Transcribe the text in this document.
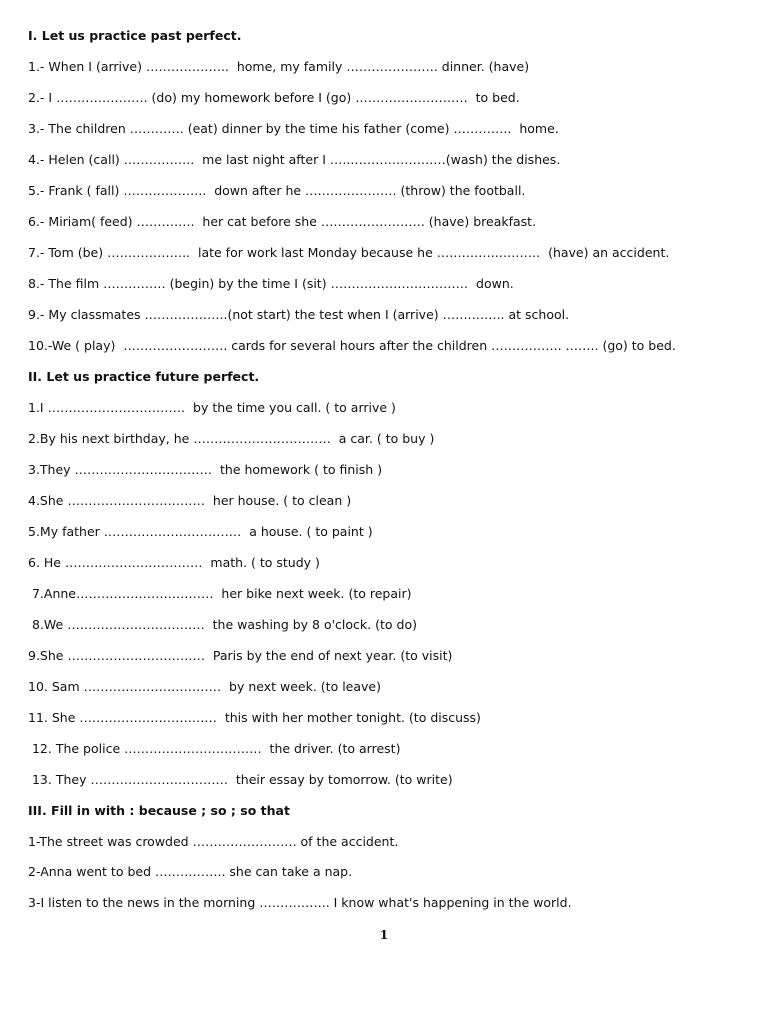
I. Let us practice past perfect.

1.- When I (arrive) ………………..  home, my family …………………. dinner. (have)

2.- I …………………. (do) my homework before I (go) ………………………  to bed.

3.- The children …………. (eat) dinner by the time his father (come) …………..  home.

4.- Helen (call) ……………..  me last night after I …..………….…….…(wash) the dishes.

5.- Frank ( fall) ………………..  down after he …………………. (throw) the football.

6.- Miriam( feed) …………..  her cat before she ……………………. (have) breakfast.

7.- Tom (be) ………………..  late for work last Monday because he ….……….….…….  (have) an accident.

8.- The film …………… (begin) by the time I (sit) ……………………………  down.

9.- My classmates ………………..(not start) the test when I (arrive) …….…….. at school.

10.-We ( play)  ……………………. cards for several hours after the children …………….. …….. (go) to bed.

II. Let us practice future perfect.

1.I ……………………………  by the time you call. ( to arrive )

2.By his next birthday, he ……………………………  a car. ( to buy )

3.They ……………………………  the homework ( to finish )

4.She ……………………………  her house. ( to clean )

5.My father ……………………………  a house. ( to paint )

6. He ……………………………  math. ( to study )

7.Anne……………………………  her bike next week. (to repair)

8.We ……………………………  the washing by 8 o'clock. (to do)

9.She ……………………………  Paris by the end of next year. (to visit)

10. Sam ……………………………  by next week. (to leave)

11. She ……………………………  this with her mother tonight. (to discuss)

12. The police ……………………………  the driver. (to arrest)

13. They ……………………………  their essay by tomorrow. (to write)

III. Fill in with : because ; so ; so that

1-The street was crowded ……………………. of the accident.

2-Anna went to bed …………….. she can take a nap.

3-I listen to the news in the morning …………….. I know what's happening in the world.

1
